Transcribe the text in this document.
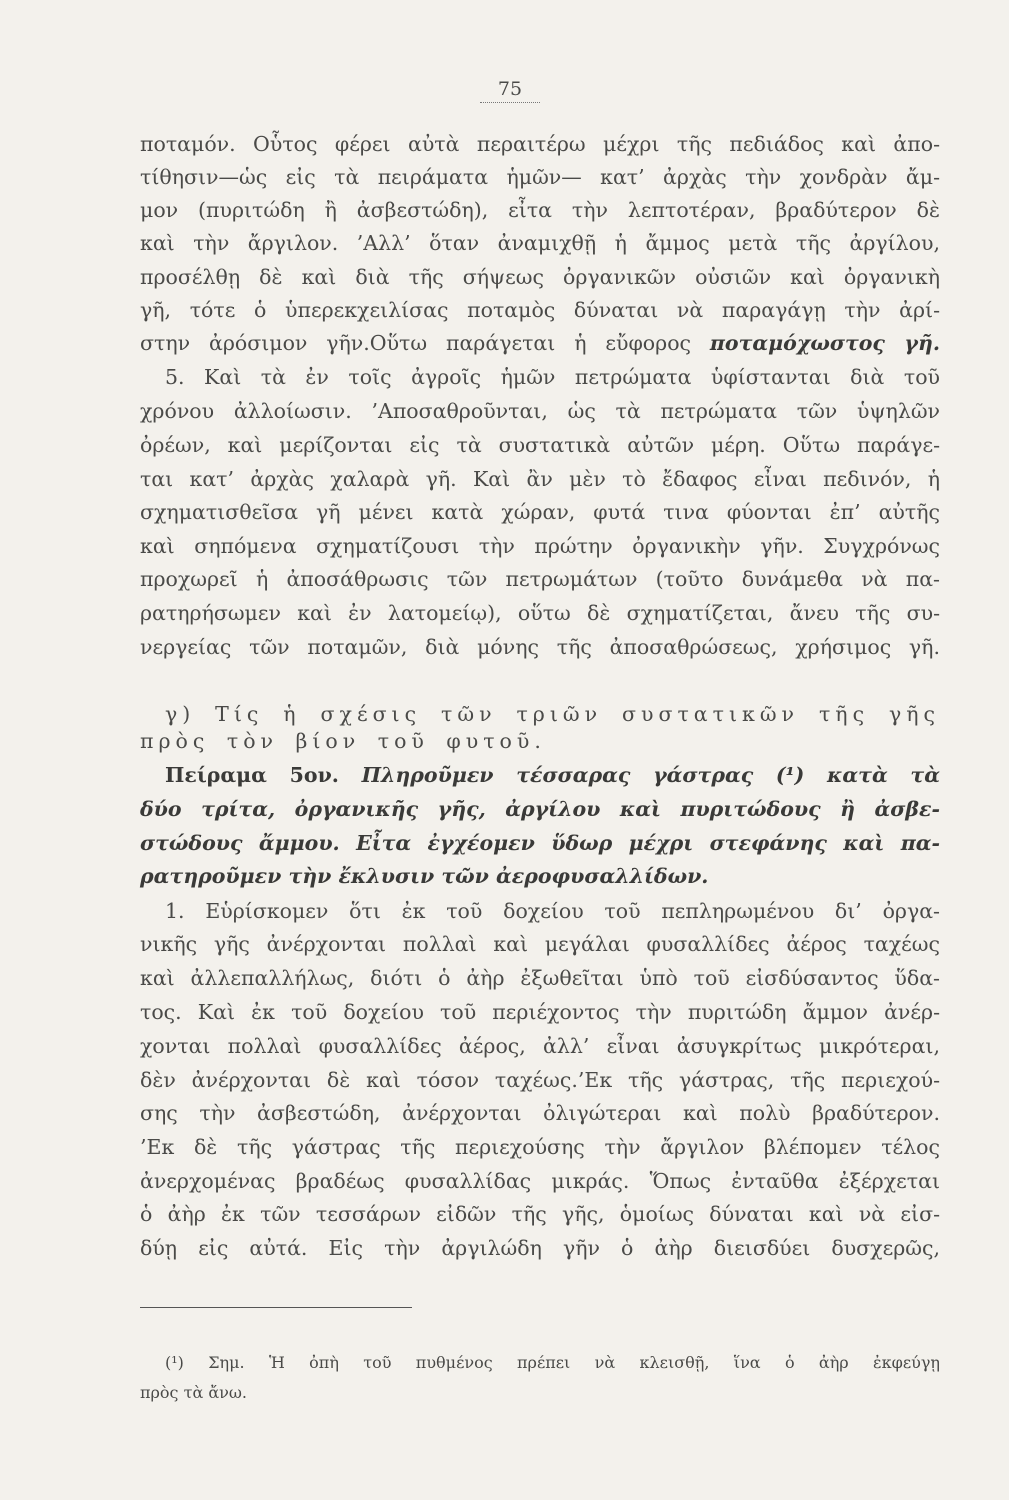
75
ποταμόν. Οὗτος φέρει αὐτὰ περαιτέρω μέχρι τῆς πεδιάδος καὶ ἀπο-
τίθησιν—ὡς εἰς τὰ πειράματα ἡμῶν— κατ’ ἀρχὰς τὴν χονδρὰν ἄμ-
μον (πυριτώδη ἢ ἀσβεστώδη), εἶτα τὴν λεπτοτέραν, βραδύτερον δὲ
καὶ τὴν ἄργιλον. ’Αλλ’ ὅταν ἀναμιχθῇ ἡ ἄμμος μετὰ τῆς ἀργίλου,
προσέλθῃ δὲ καὶ διὰ τῆς σήψεως ὀργανικῶν οὐσιῶν καὶ ὀργανικὴ
γῆ, τότε ὁ ὑπερεκχειλίσας ποταμὸς δύναται νὰ παραγάγῃ τὴν ἀρί-
στην ἀρόσιμον γῆν.Οὕτω παράγεται ἡ εὔφορος ποταμόχωστος γῆ.
5. Καὶ τὰ ἐν τοῖς ἀγροῖς ἡμῶν πετρώματα ὑφίστανται διὰ τοῦ
χρόνου ἀλλοίωσιν. ’Αποσαθροῦνται, ὡς τὰ πετρώματα τῶν ὑψηλῶν
ὀρέων, καὶ μερίζονται εἰς τὰ συστατικὰ αὐτῶν μέρη. Οὕτω παράγε-
ται κατ’ ἀρχὰς χαλαρὰ γῆ. Καὶ ἂν μὲν τὸ ἔδαφος εἶναι πεδινόν, ἡ
σχηματισθεῖσα γῆ μένει κατὰ χώραν, φυτά τινα φύονται ἐπ’ αὐτῆς
καὶ σηπόμενα σχηματίζουσι τὴν πρώτην ὀργανικὴν γῆν. Συγχρόνως
προχωρεῖ ἡ ἀποσάθρωσις τῶν πετρωμάτων (τοῦτο δυνάμεθα νὰ πα-
ρατηρήσωμεν καὶ ἐν λατομείῳ), οὕτω δὲ σχηματίζεται, ἄνευ τῆς συ-
νεργείας τῶν ποταμῶν, διὰ μόνης τῆς ἀποσαθρώσεως, χρήσιμος γῆ.
γ) Τίς ἡ σχέσις τῶν τριῶν συστατικῶν τῆς γῆς
πρὸς τὸν βίον τοῦ φυτοῦ.
Πείραμα 5ον. Πληροῦμεν τέσσαρας γάστρας (¹) κατὰ τὰ
δύο τρίτα, ὀργανικῆς γῆς, ἀργίλου καὶ πυριτώδους ἢ ἀσβε-
στώδους ἄμμου. Εἶτα ἐγχέομεν ὕδωρ μέχρι στεφάνης καὶ πα-
ρατηροῦμεν τὴν ἔκλυσιν τῶν ἀεροφυσαλλίδων.
1. Εὑρίσκομεν ὅτι ἐκ τοῦ δοχείου τοῦ πεπληρωμένου δι’ ὀργα-
νικῆς γῆς ἀνέρχονται πολλαὶ καὶ μεγάλαι φυσαλλίδες ἀέρος ταχέως
καὶ ἀλλεπαλλήλως, διότι ὁ ἀὴρ ἐξωθεῖται ὑπὸ τοῦ εἰσδύσαντος ὕδα-
τος. Καὶ ἐκ τοῦ δοχείου τοῦ περιέχοντος τὴν πυριτώδη ἄμμον ἀνέρ-
χονται πολλαὶ φυσαλλίδες ἀέρος, ἀλλ’ εἶναι ἀσυγκρίτως μικρότεραι,
δὲν ἀνέρχονται δὲ καὶ τόσον ταχέως.’Εκ τῆς γάστρας, τῆς περιεχού-
σης τὴν ἀσβεστώδη, ἀνέρχονται ὀλιγώτεραι καὶ πολὺ βραδύτερον.
’Εκ δὲ τῆς γάστρας τῆς περιεχούσης τὴν ἄργιλον βλέπομεν τέλος
ἀνερχομένας βραδέως φυσαλλίδας μικράς. Ὅπως ἐνταῦθα ἐξέρχεται
ὁ ἀὴρ ἐκ τῶν τεσσάρων εἰδῶν τῆς γῆς, ὁμοίως δύναται καὶ νὰ εἰσ-
δύῃ εἰς αὐτά. Εἰς τὴν ἀργιλώδη γῆν ὁ ἀὴρ διεισδύει δυσχερῶς,
(¹) Σημ. Ἡ ὀπὴ τοῦ πυθμένος πρέπει νὰ κλεισθῇ, ἵνα ὁ ἀὴρ ἐκφεύγῃ
πρὸς τὰ ἄνω.
